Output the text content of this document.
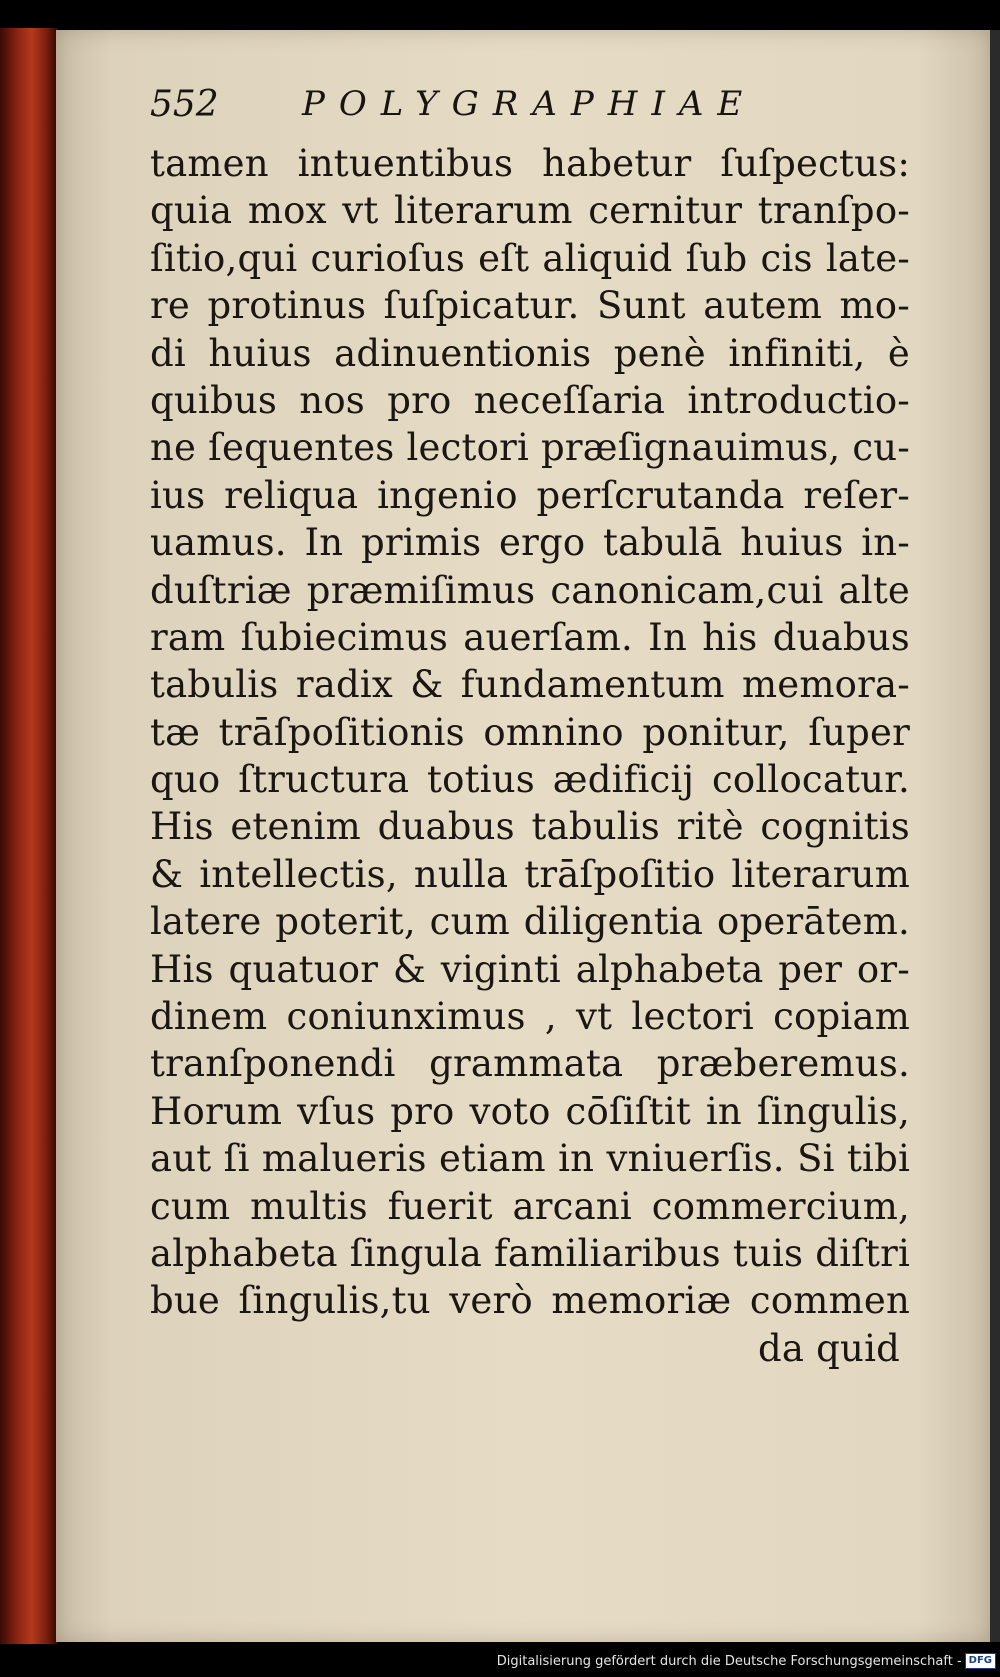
552 POLYGRAPHIAE
tamen intuentibus habetur ſuſpectus:
quia mox vt literarum cernitur tranſpo-
ſitio,qui curioſus eſt aliquid ſub cis late-
re protinus ſuſpicatur. Sunt autem mo-
di huius adinuentionis penè infiniti, è
quibus nos pro neceſſaria introductio-
ne ſequentes lectori præſignauimus, cu-
ius reliqua ingenio perſcrutanda reſer-
uamus. In primis ergo tabulā huius in-
duſtriæ præmiſimus canonicam,cui alte
ram ſubiecimus auerſam. In his duabus
tabulis radix & fundamentum memora-
tæ trāſpoſitionis omnino ponitur, ſuper
quo ſtructura totius ædificij collocatur.
His etenim duabus tabulis ritè cognitis
& intellectis, nulla trāſpoſitio literarum
latere poterit, cum diligentia operātem.
His quatuor & viginti alphabeta per or-
dinem coniunximus , vt lectori copiam
tranſponendi grammata præberemus.
Horum vſus pro voto cōſiſtit in ſingulis,
aut ſi malueris etiam in vniuerſis. Si tibi
cum multis fuerit arcani commercium,
alphabeta ſingula familiaribus tuis diſtri
bue ſingulis,tu verò memoriæ commen
da quid
Digitalisierung gefördert durch die Deutsche Forschungsgemeinschaft - DFG
